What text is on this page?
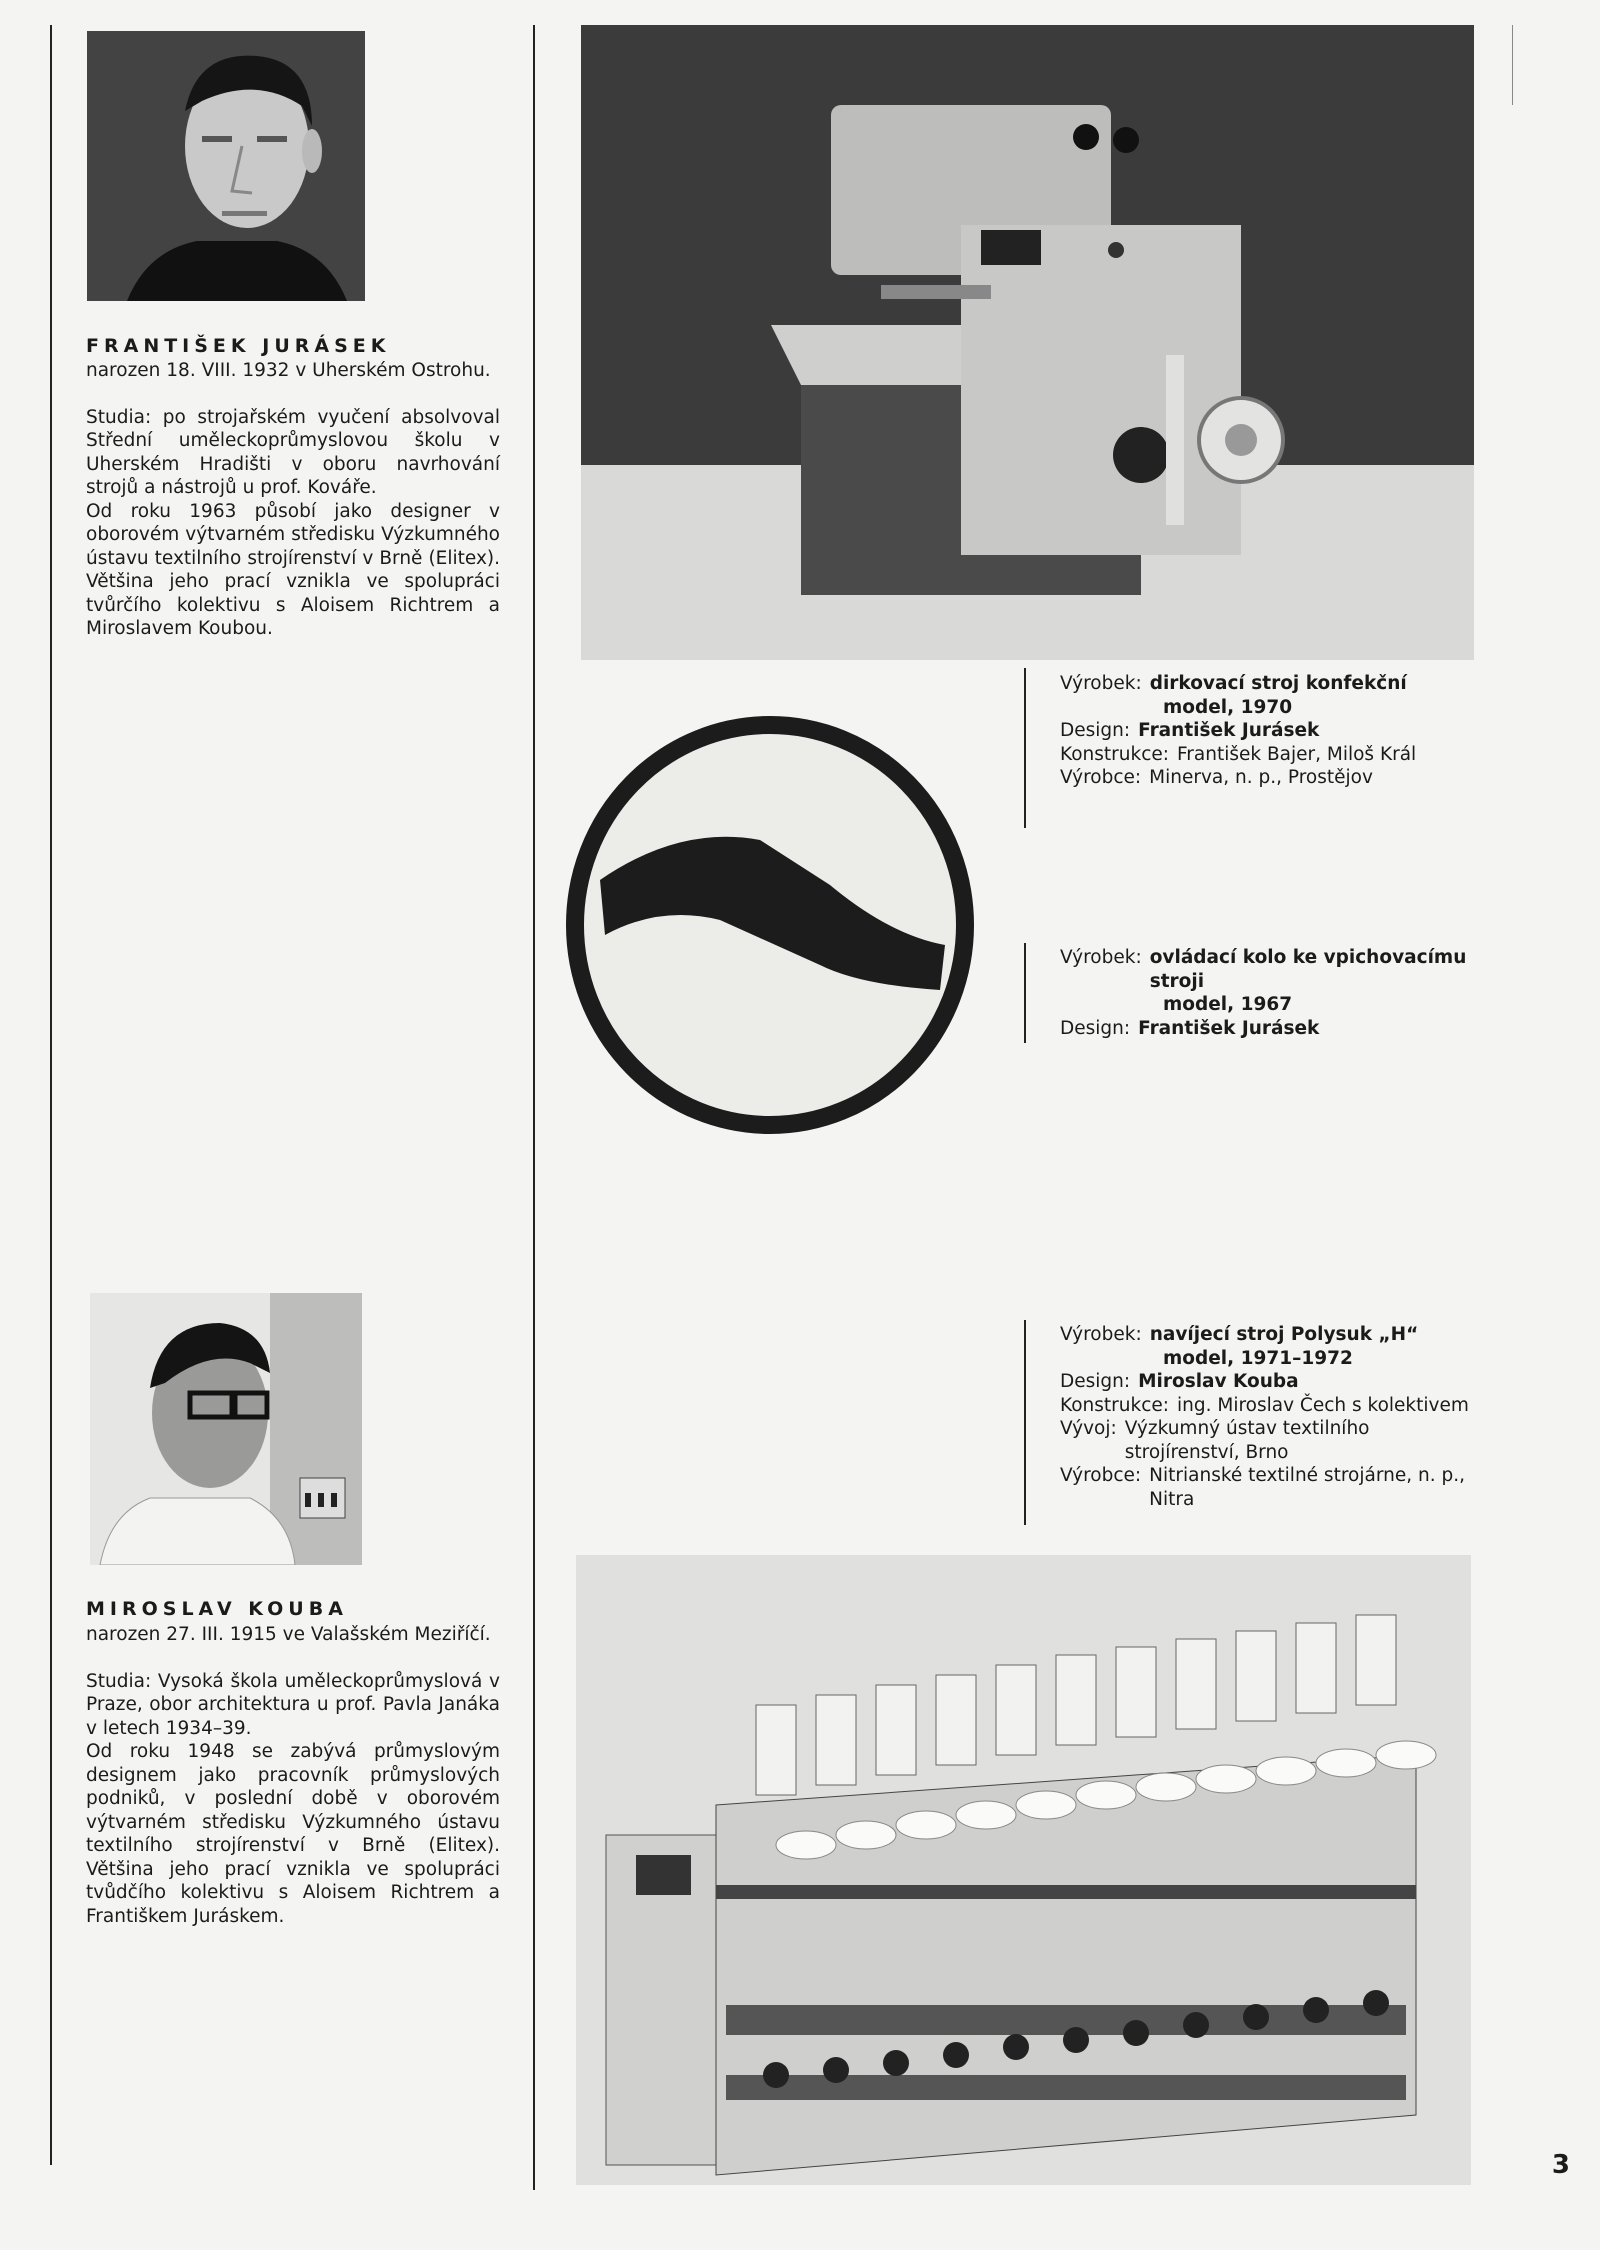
FRANTIŠEK JURÁSEK

narozen 18. VIII. 1932 v Uherském Ostrohu.

Studia: po strojařském vyučení absolvoval Střední uměleckoprůmyslovou školu v Uherském Hradišti v oboru navrhování strojů a nástrojů u prof. Kováře.

Od roku 1963 působí jako designer v oborovém výtvarném středisku Výzkumného ústavu textilního strojírenství v Brně (Elitex). Většina jeho prací vznikla ve spolupráci tvůrčího kolektivu s Aloisem Richtrem a Miroslavem Koubou.

MIROSLAV KOUBA

narozen 27. III. 1915 ve Valašském Meziříčí.

Studia: Vysoká škola uměleckoprůmyslová v Praze, obor architektura u prof. Pavla Janáka v letech 1934–39.

Od roku 1948 se zabývá průmyslovým designem jako pracovník průmyslových podniků, v poslední době v oborovém výtvarném středisku Výzkumného ústavu textilního strojírenství v Brně (Elitex). Většina jeho prací vznikla ve spolupráci tvůdčího kolektivu s Aloisem Richtrem a Františkem Juráskem.

Výrobek: dirkovací stroj konfekční
model, 1970
Design: František Jurásek
Konstrukce: František Bajer, Miloš Král
Výrobce: Minerva, n. p., Prostějov
Výrobek: ovládací kolo ke vpichovacímu stroji
model, 1967
Design: František Jurásek
Výrobek: navíjecí stroj Polysuk „H“
model, 1971–1972
Design: Miroslav Kouba
Konstrukce: ing. Miroslav Čech s kolektivem
Vývoj: Výzkumný ústav textilního strojírenství, Brno
Výrobce: Nitrianské textilné strojárne, n. p., Nitra
3
